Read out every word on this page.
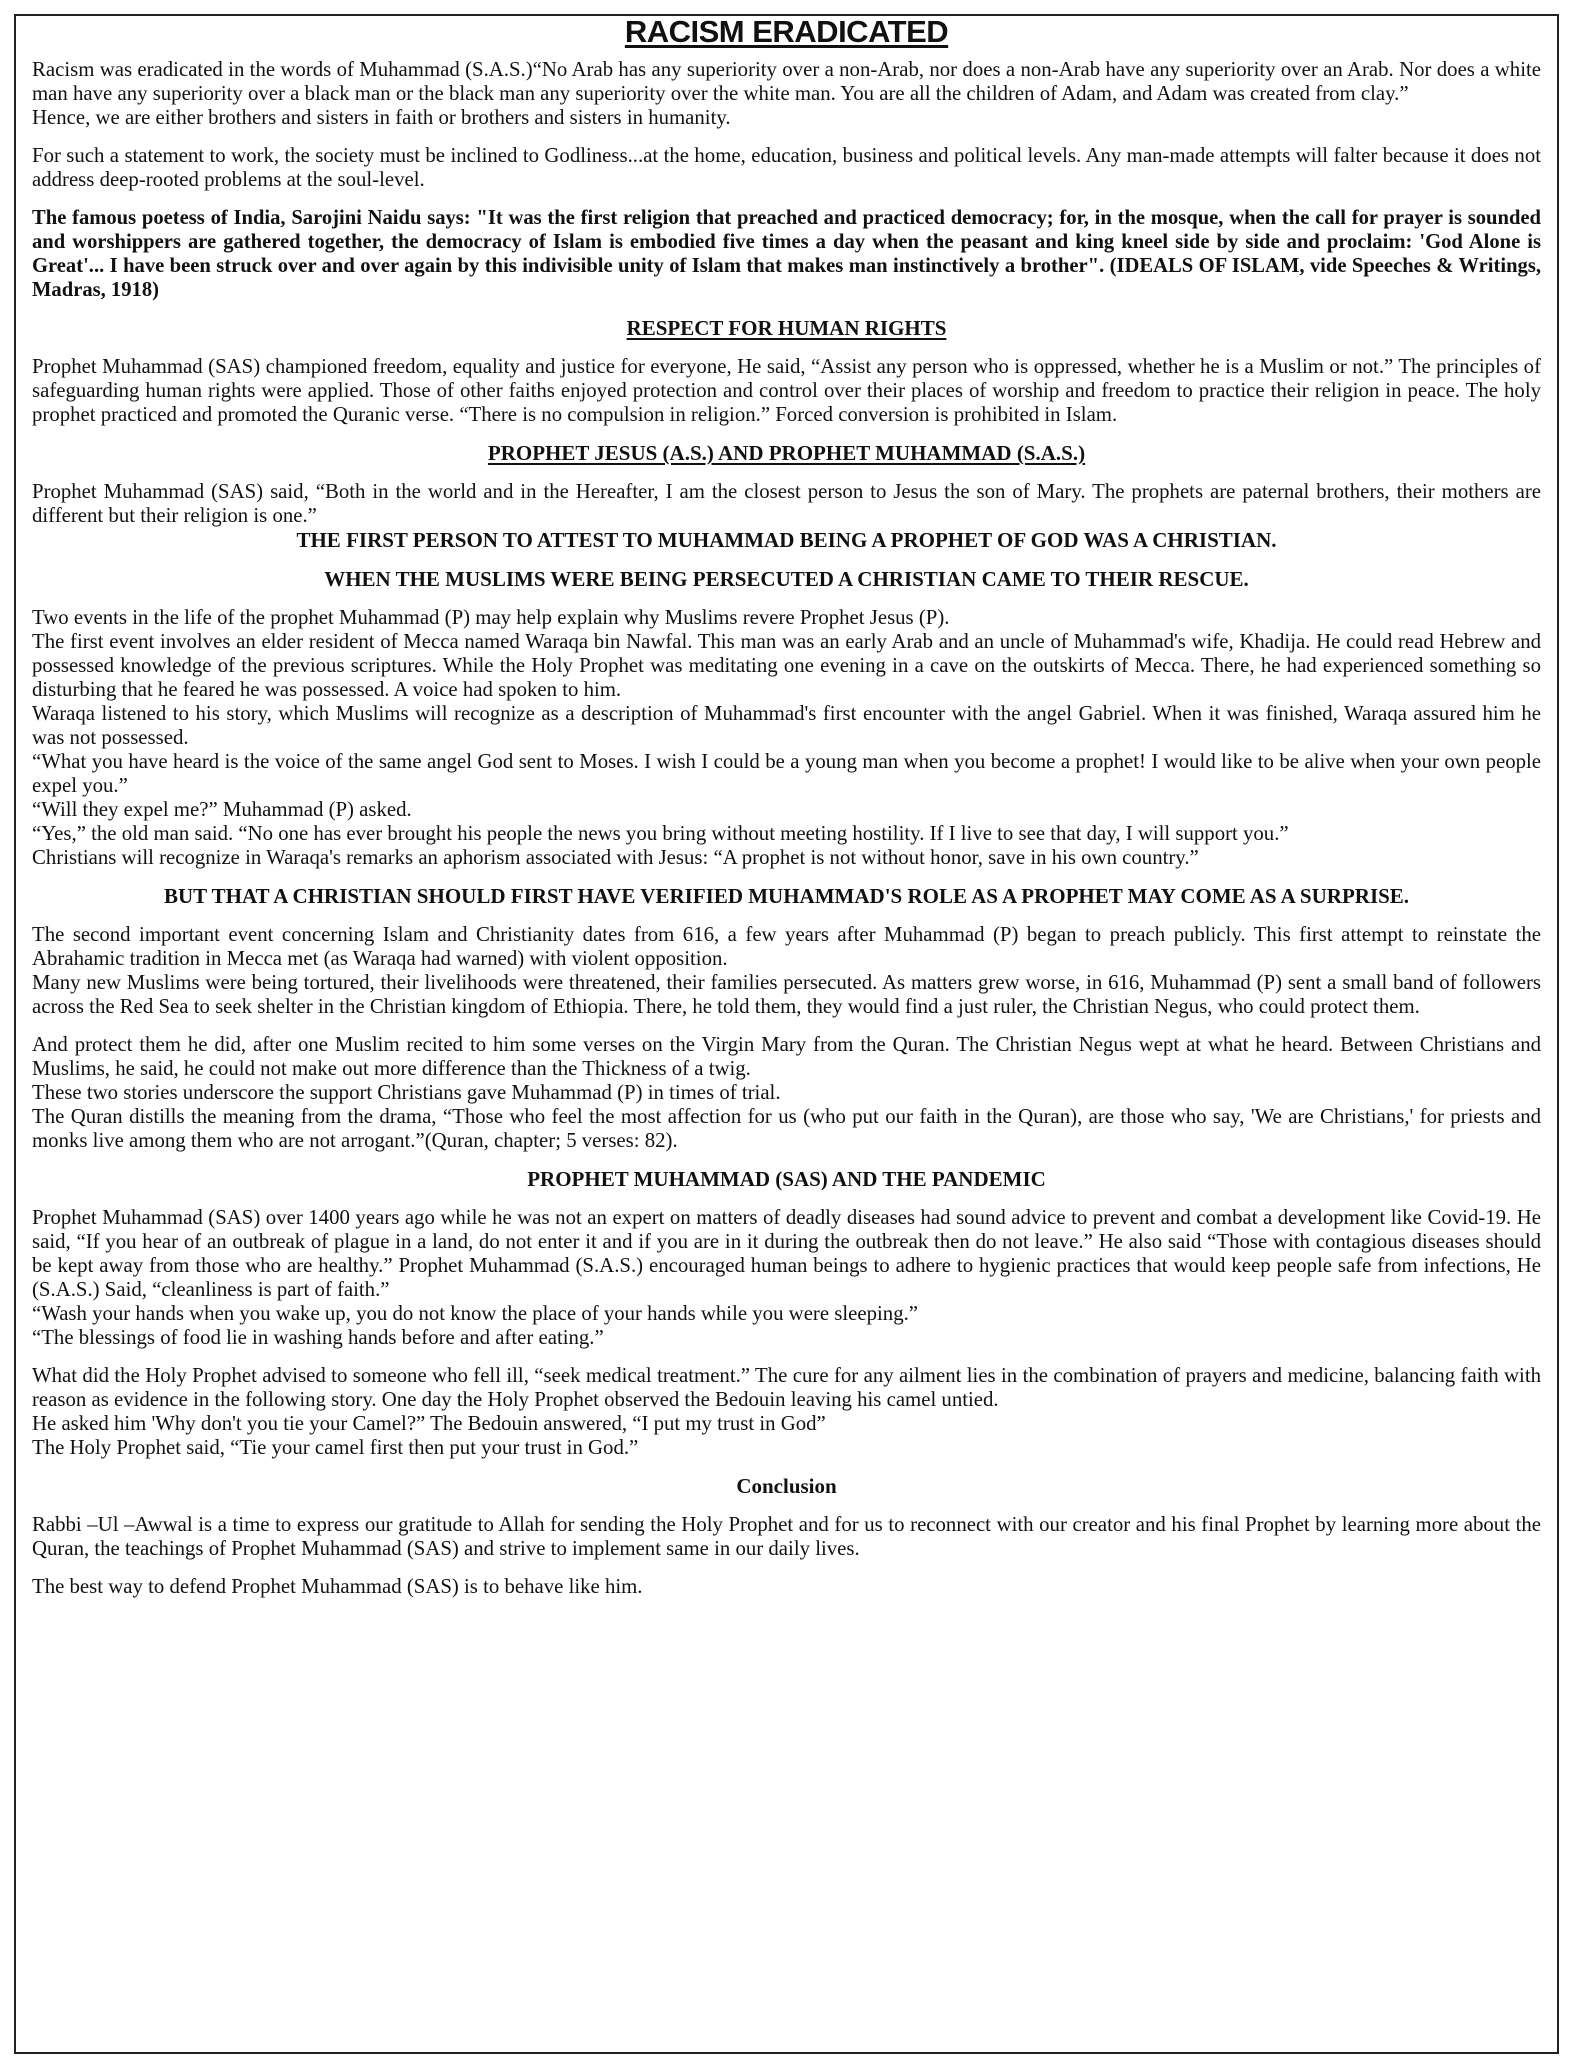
RACISM ERADICATED

Racism was eradicated in the words of Muhammad (S.A.S.)“No Arab has any superiority over a non-Arab, nor does a non-Arab have any superiority over an Arab. Nor does a white man have any superiority over a black man or the black man any superiority over the white man. You are all the children of Adam, and Adam was created from clay.”

Hence, we are either brothers and sisters in faith or brothers and sisters in humanity.

For such a statement to work, the society must be inclined to Godliness...at the home, education, business and political levels. Any man-made attempts will falter because it does not address deep-rooted problems at the soul-level.

The famous poetess of India, Sarojini Naidu says: "It was the first religion that preached and practiced democracy; for, in the mosque, when the call for prayer is sounded and worshippers are gathered together, the democracy of Islam is embodied five times a day when the peasant and king kneel side by side and proclaim: 'God Alone is Great'... I have been struck over and over again by this indivisible unity of Islam that makes man instinctively a brother". (IDEALS OF ISLAM, vide Speeches & Writings, Madras, 1918)

RESPECT FOR HUMAN RIGHTS

Prophet Muhammad (SAS) championed freedom, equality and justice for everyone, He said, “Assist any person who is oppressed, whether he is a Muslim or not.” The principles of safeguarding human rights were applied. Those of other faiths enjoyed protection and control over their places of worship and freedom to practice their religion in peace. The holy prophet practiced and promoted the Quranic verse. “There is no compulsion in religion.” Forced conversion is prohibited in Islam.

PROPHET JESUS (A.S.) AND PROPHET MUHAMMAD (S.A.S.)

Prophet Muhammad (SAS) said, “Both in the world and in the Hereafter, I am the closest person to Jesus the son of Mary. The prophets are paternal brothers, their mothers are different but their religion is one.”

THE FIRST PERSON TO ATTEST TO MUHAMMAD BEING A PROPHET OF GOD WAS A CHRISTIAN.
WHEN THE MUSLIMS WERE BEING PERSECUTED A CHRISTIAN CAME TO THEIR RESCUE.

Two events in the life of the prophet Muhammad (P) may help explain why Muslims revere Prophet Jesus (P).

The first event involves an elder resident of Mecca named Waraqa bin Nawfal. This man was an early Arab and an uncle of Muhammad's wife, Khadija. He could read Hebrew and possessed knowledge of the previous scriptures. While the Holy Prophet was meditating one evening in a cave on the outskirts of Mecca. There, he had experienced something so disturbing that he feared he was possessed. A voice had spoken to him.

Waraqa listened to his story, which Muslims will recognize as a description of Muhammad's first encounter with the angel Gabriel. When it was finished, Waraqa assured him he was not possessed.

“What you have heard is the voice of the same angel God sent to Moses. I wish I could be a young man when you become a prophet! I would like to be alive when your own people expel you.”

“Will they expel me?” Muhammad (P) asked.

“Yes,” the old man said. “No one has ever brought his people the news you bring without meeting hostility. If I live to see that day, I will support you.”

Christians will recognize in Waraqa's remarks an aphorism associated with Jesus: “A prophet is not without honor, save in his own country.”

BUT THAT A CHRISTIAN SHOULD FIRST HAVE VERIFIED MUHAMMAD'S ROLE AS A PROPHET MAY COME AS A SURPRISE.

The second important event concerning Islam and Christianity dates from 616, a few years after Muhammad (P) began to preach publicly. This first attempt to reinstate the Abrahamic tradition in Mecca met (as Waraqa had warned) with violent opposition.

Many new Muslims were being tortured, their livelihoods were threatened, their families persecuted. As matters grew worse, in 616, Muhammad (P) sent a small band of followers across the Red Sea to seek shelter in the Christian kingdom of Ethiopia. There, he told them, they would find a just ruler, the Christian Negus, who could protect them.

And protect them he did, after one Muslim recited to him some verses on the Virgin Mary from the Quran. The Christian Negus wept at what he heard. Between Christians and Muslims, he said, he could not make out more difference than the Thickness of a twig.

These two stories underscore the support Christians gave Muhammad (P) in times of trial.

The Quran distills the meaning from the drama, “Those who feel the most affection for us (who put our faith in the Quran), are those who say, 'We are Christians,' for priests and monks live among them who are not arrogant.”(Quran, chapter; 5 verses: 82).

PROPHET MUHAMMAD (SAS) AND THE PANDEMIC

Prophet Muhammad (SAS) over 1400 years ago while he was not an expert on matters of deadly diseases had sound advice to prevent and combat a development like Covid-19. He said, “If you hear of an outbreak of plague in a land, do not enter it and if you are in it during the outbreak then do not leave.” He also said “Those with contagious diseases should be kept away from those who are healthy.” Prophet Muhammad (S.A.S.) encouraged human beings to adhere to hygienic practices that would keep people safe from infections, He (S.A.S.) Said, “cleanliness is part of faith.”

“Wash your hands when you wake up, you do not know the place of your hands while you were sleeping.”

“The blessings of food lie in washing hands before and after eating.”

What did the Holy Prophet advised to someone who fell ill, “seek medical treatment.” The cure for any ailment lies in the combination of prayers and medicine, balancing faith with reason as evidence in the following story. One day the Holy Prophet observed the Bedouin leaving his camel untied.

He asked him 'Why don't you tie your Camel?” The Bedouin answered, “I put my trust in God”

The Holy Prophet said, “Tie your camel first then put your trust in God.”

Conclusion

Rabbi –Ul –Awwal is a time to express our gratitude to Allah for sending the Holy Prophet and for us to reconnect with our creator and his final Prophet by learning more about the Quran, the teachings of Prophet Muhammad (SAS) and strive to implement same in our daily lives.

The best way to defend Prophet Muhammad (SAS) is to behave like him.
